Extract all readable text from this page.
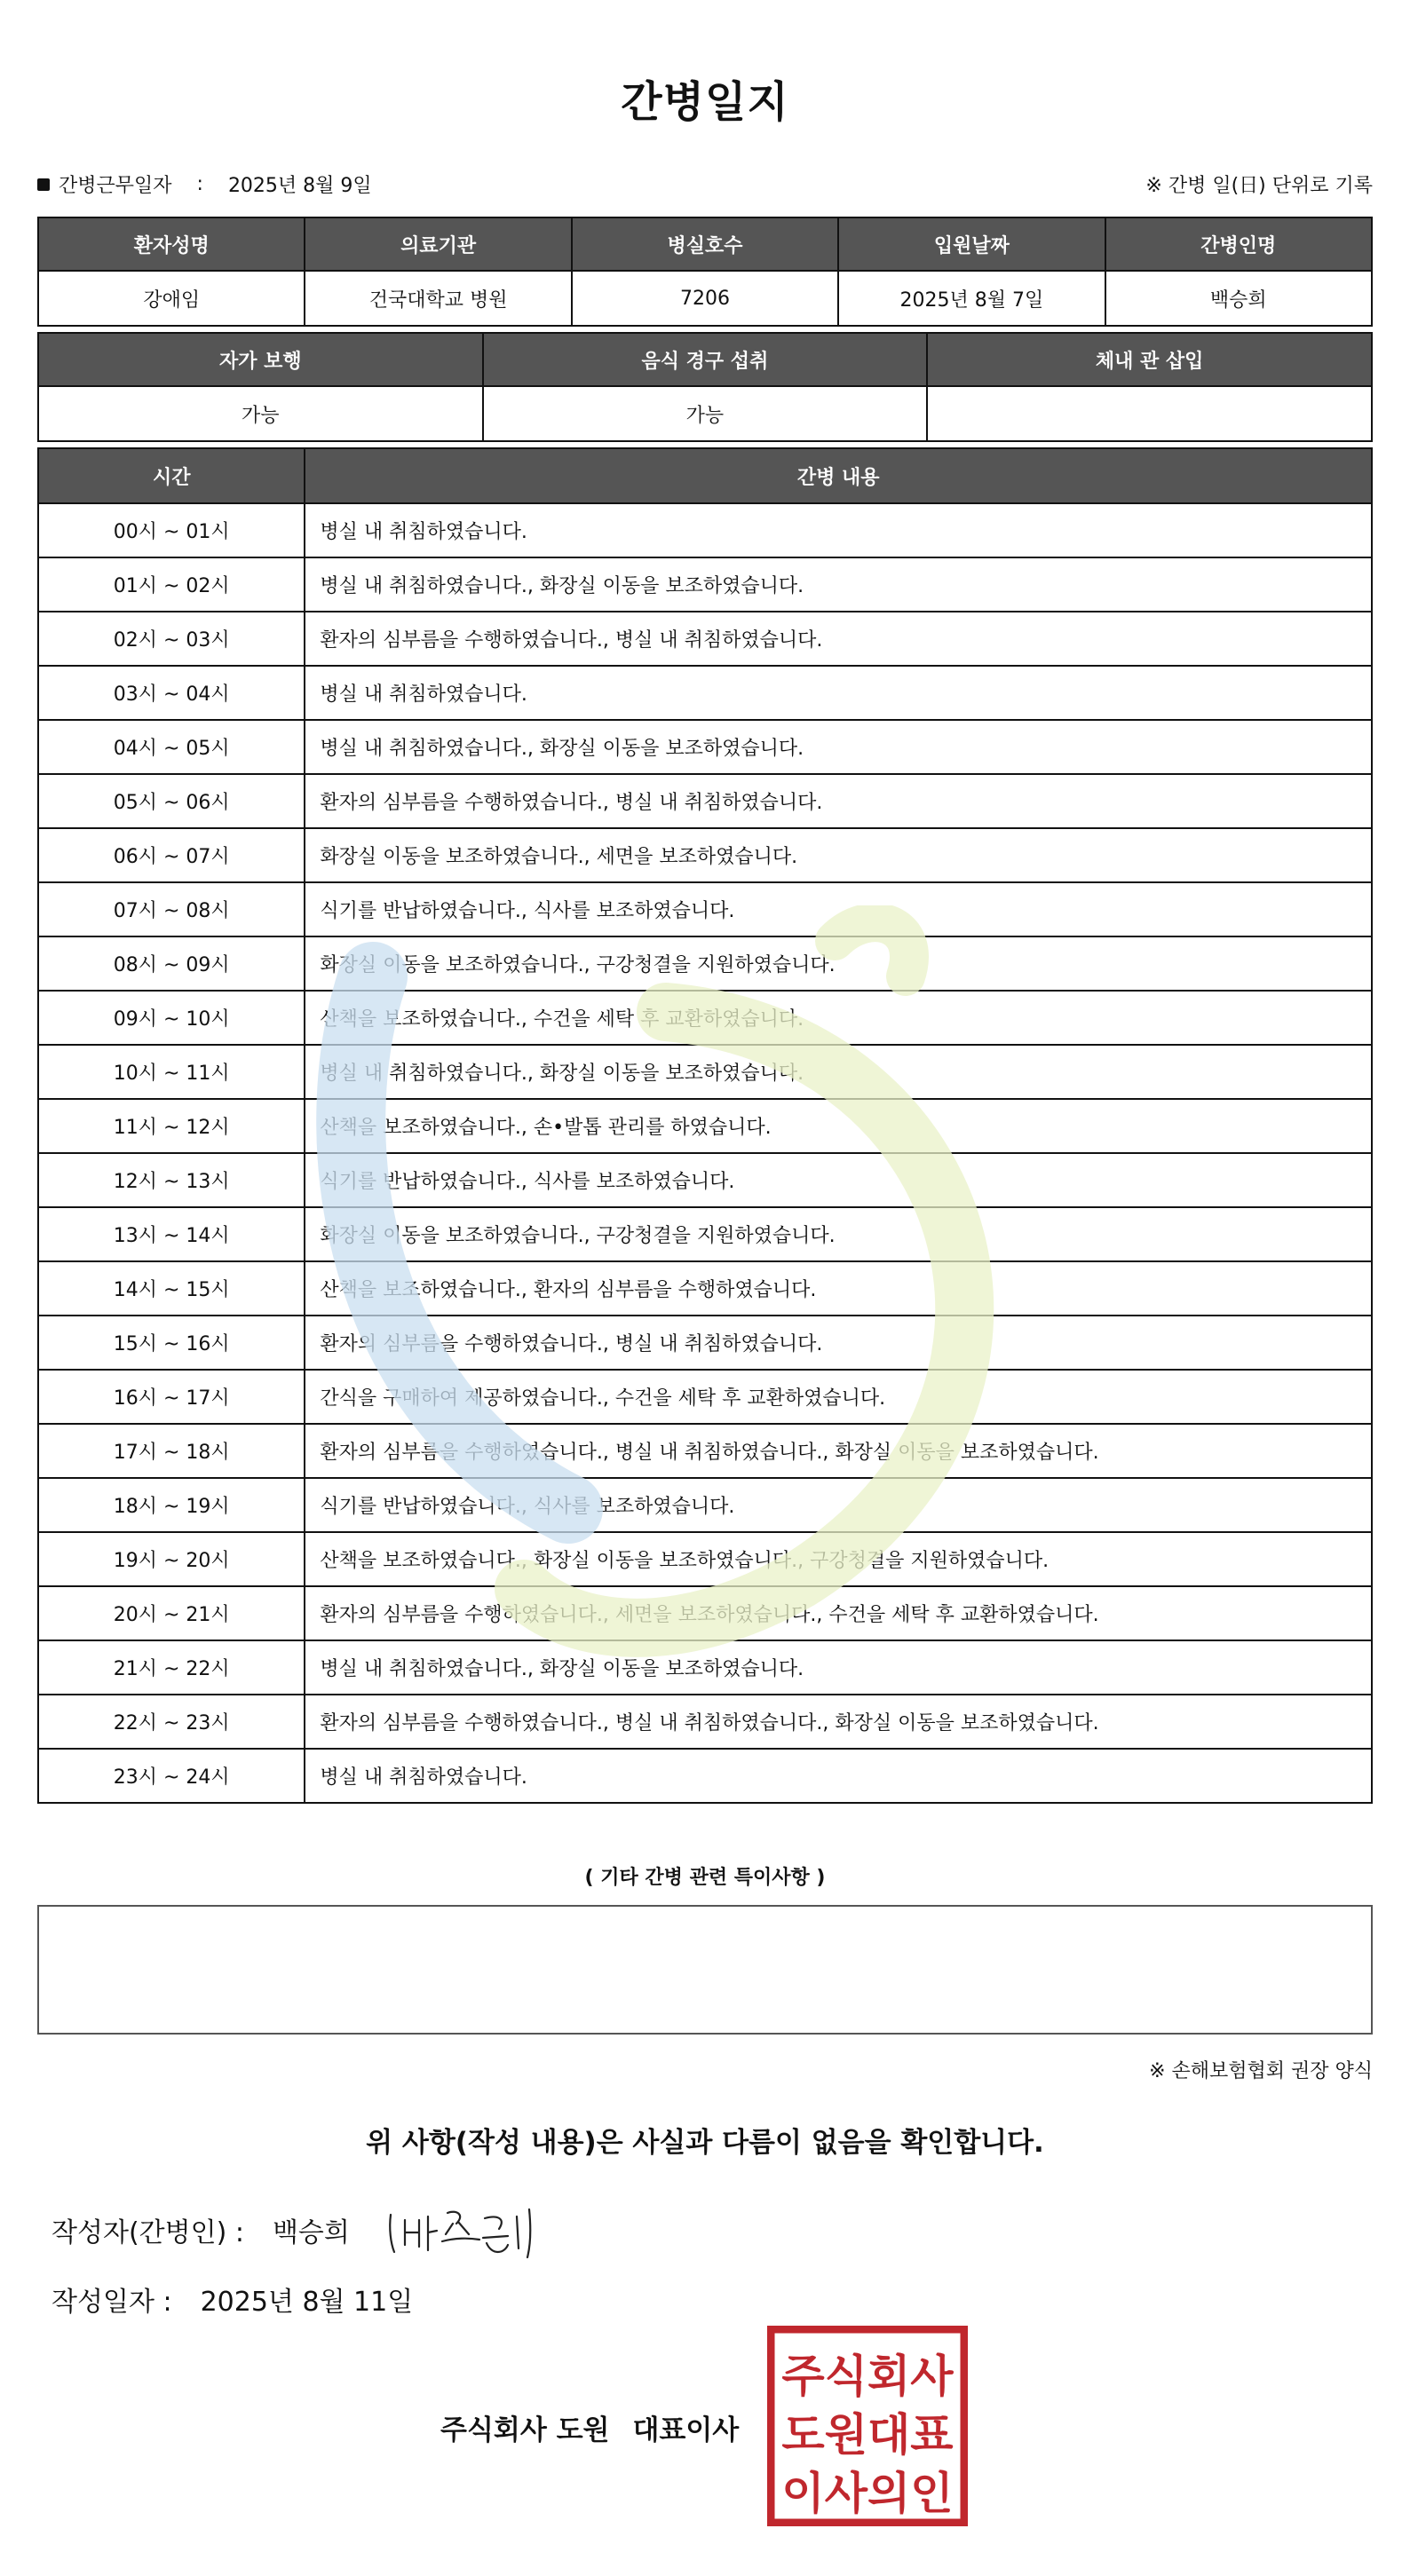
간병일지
간병근무일자 : 2025년 8월 9일	※ 간병 일(日) 단위로 기록
환자성명	의료기관	병실호수	입원날짜	간병인명
강애임	건국대학교 병원	7206	2025년 8월 7일	백승희
자가 보행	음식 경구 섭취	체내 관 삽입
가능	가능	
시간	간병 내용
00시 ~ 01시	병실 내 취침하였습니다.
01시 ~ 02시	병실 내 취침하였습니다., 화장실 이동을 보조하였습니다.
02시 ~ 03시	환자의 심부름을 수행하였습니다., 병실 내 취침하였습니다.
03시 ~ 04시	병실 내 취침하였습니다.
04시 ~ 05시	병실 내 취침하였습니다., 화장실 이동을 보조하였습니다.
05시 ~ 06시	환자의 심부름을 수행하였습니다., 병실 내 취침하였습니다.
06시 ~ 07시	화장실 이동을 보조하였습니다., 세면을 보조하였습니다.
07시 ~ 08시	식기를 반납하였습니다., 식사를 보조하였습니다.
08시 ~ 09시	화장실 이동을 보조하였습니다., 구강청결을 지원하였습니다.
09시 ~ 10시	산책을 보조하였습니다., 수건을 세탁 후 교환하였습니다.
10시 ~ 11시	병실 내 취침하였습니다., 화장실 이동을 보조하였습니다.
11시 ~ 12시	산책을 보조하였습니다., 손•발톱 관리를 하였습니다.
12시 ~ 13시	식기를 반납하였습니다., 식사를 보조하였습니다.
13시 ~ 14시	화장실 이동을 보조하였습니다., 구강청결을 지원하였습니다.
14시 ~ 15시	산책을 보조하였습니다., 환자의 심부름을 수행하였습니다.
15시 ~ 16시	환자의 심부름을 수행하였습니다., 병실 내 취침하였습니다.
16시 ~ 17시	간식을 구매하여 제공하였습니다., 수건을 세탁 후 교환하였습니다.
17시 ~ 18시	환자의 심부름을 수행하였습니다., 병실 내 취침하였습니다., 화장실 이동을 보조하였습니다.
18시 ~ 19시	식기를 반납하였습니다., 식사를 보조하였습니다.
19시 ~ 20시	산책을 보조하였습니다., 화장실 이동을 보조하였습니다., 구강청결을 지원하였습니다.
20시 ~ 21시	환자의 심부름을 수행하였습니다., 세면을 보조하였습니다., 수건을 세탁 후 교환하였습니다.
21시 ~ 22시	병실 내 취침하였습니다., 화장실 이동을 보조하였습니다.
22시 ~ 23시	환자의 심부름을 수행하였습니다., 병실 내 취침하였습니다., 화장실 이동을 보조하였습니다.
23시 ~ 24시	병실 내 취침하였습니다.
( 기타 간병 관련 특이사항 )
※ 손해보험협회 권장 양식
위 사항(작성 내용)은 사실과 다름이 없음을 확인합니다.
작성자(간병인) : 백승희
작성일자 : 2025년 8월 11일
주식회사 도원 대표이사
주식회사
도원대표
이사의인
